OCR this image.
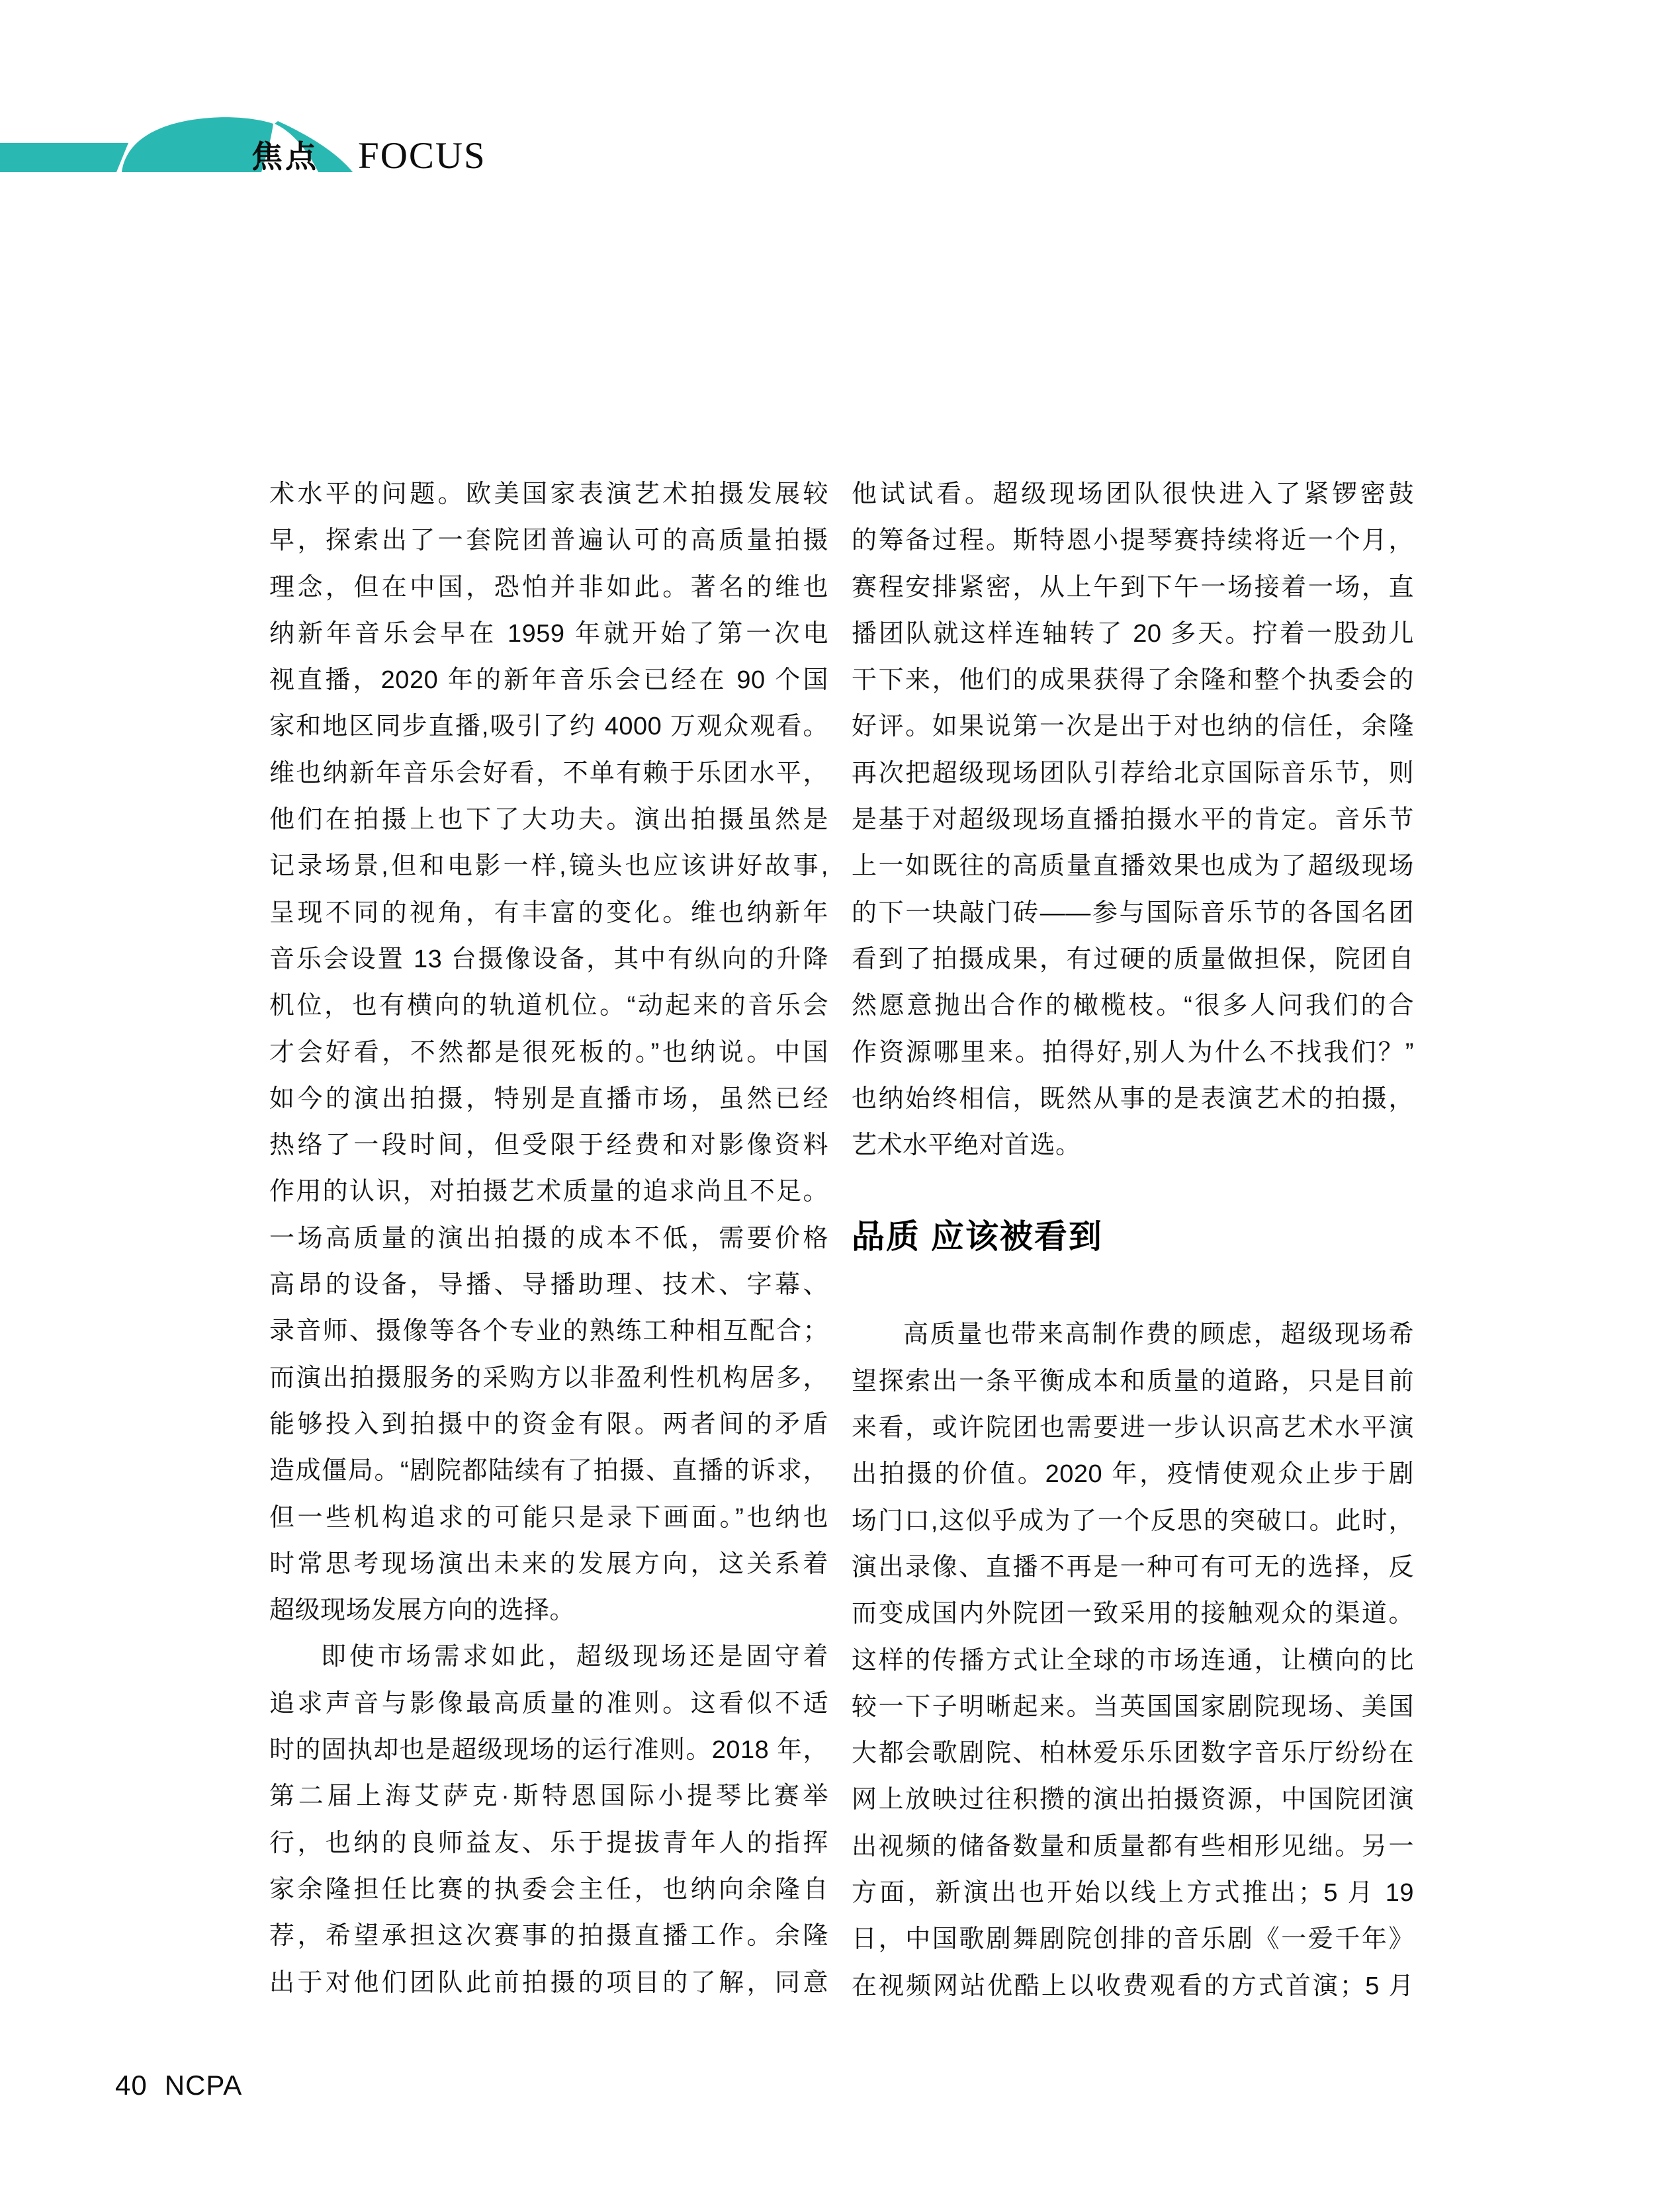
焦点 FOCUS
术水平的问题。欧美国家表演艺术拍摄发展较
早，探索出了一套院团普遍认可的高质量拍摄
理念，但在中国，恐怕并非如此。著名的维也
纳新年音乐会早在 1959 年就开始了第一次电
视直播，2020 年的新年音乐会已经在 90 个国
家和地区同步直播,吸引了约 4000 万观众观看。
维也纳新年音乐会好看，不单有赖于乐团水平，
他们在拍摄上也下了大功夫。演出拍摄虽然是
记录场景,但和电影一样,镜头也应该讲好故事,
呈现不同的视角，有丰富的变化。维也纳新年
音乐会设置 13 台摄像设备，其中有纵向的升降
机位，也有横向的轨道机位。“动起来的音乐会
才会好看，不然都是很死板的。”也纳说。中国
如今的演出拍摄，特别是直播市场，虽然已经
热络了一段时间，但受限于经费和对影像资料
作用的认识，对拍摄艺术质量的追求尚且不足。
一场高质量的演出拍摄的成本不低，需要价格
高昂的设备，导播、导播助理、技术、字幕、
录音师、摄像等各个专业的熟练工种相互配合；
而演出拍摄服务的采购方以非盈利性机构居多，
能够投入到拍摄中的资金有限。两者间的矛盾
造成僵局。“剧院都陆续有了拍摄、直播的诉求，
但一些机构追求的可能只是录下画面。”也纳也
时常思考现场演出未来的发展方向，这关系着
超级现场发展方向的选择。
即使市场需求如此，超级现场还是固守着
追求声音与影像最高质量的准则。这看似不适
时的固执却也是超级现场的运行准则。2018 年，
第二届上海艾萨克·斯特恩国际小提琴比赛举
行，也纳的良师益友、乐于提拔青年人的指挥
家余隆担任比赛的执委会主任，也纳向余隆自
荐，希望承担这次赛事的拍摄直播工作。余隆
出于对他们团队此前拍摄的项目的了解，同意
他试试看。超级现场团队很快进入了紧锣密鼓
的筹备过程。斯特恩小提琴赛持续将近一个月，
赛程安排紧密，从上午到下午一场接着一场，直
播团队就这样连轴转了 20 多天。拧着一股劲儿
干下来，他们的成果获得了余隆和整个执委会的
好评。如果说第一次是出于对也纳的信任，余隆
再次把超级现场团队引荐给北京国际音乐节，则
是基于对超级现场直播拍摄水平的肯定。音乐节
上一如既往的高质量直播效果也成为了超级现场
的下一块敲门砖——参与国际音乐节的各国名团
看到了拍摄成果，有过硬的质量做担保，院团自
然愿意抛出合作的橄榄枝。“很多人问我们的合
作资源哪里来。拍得好,别人为什么不找我们？”
也纳始终相信，既然从事的是表演艺术的拍摄，
艺术水平绝对首选。
品质 应该被看到
高质量也带来高制作费的顾虑，超级现场希
望探索出一条平衡成本和质量的道路，只是目前
来看，或许院团也需要进一步认识高艺术水平演
出拍摄的价值。2020 年，疫情使观众止步于剧
场门口,这似乎成为了一个反思的突破口。此时，
演出录像、直播不再是一种可有可无的选择，反
而变成国内外院团一致采用的接触观众的渠道。
这样的传播方式让全球的市场连通，让横向的比
较一下子明晰起来。当英国国家剧院现场、美国
大都会歌剧院、柏林爱乐乐团数字音乐厅纷纷在
网上放映过往积攒的演出拍摄资源，中国院团演
出视频的储备数量和质量都有些相形见绌。另一
方面，新演出也开始以线上方式推出；5 月 19
日，中国歌剧舞剧院创排的音乐剧《一爱千年》
在视频网站优酷上以收费观看的方式首演；5 月
40 NCPA
